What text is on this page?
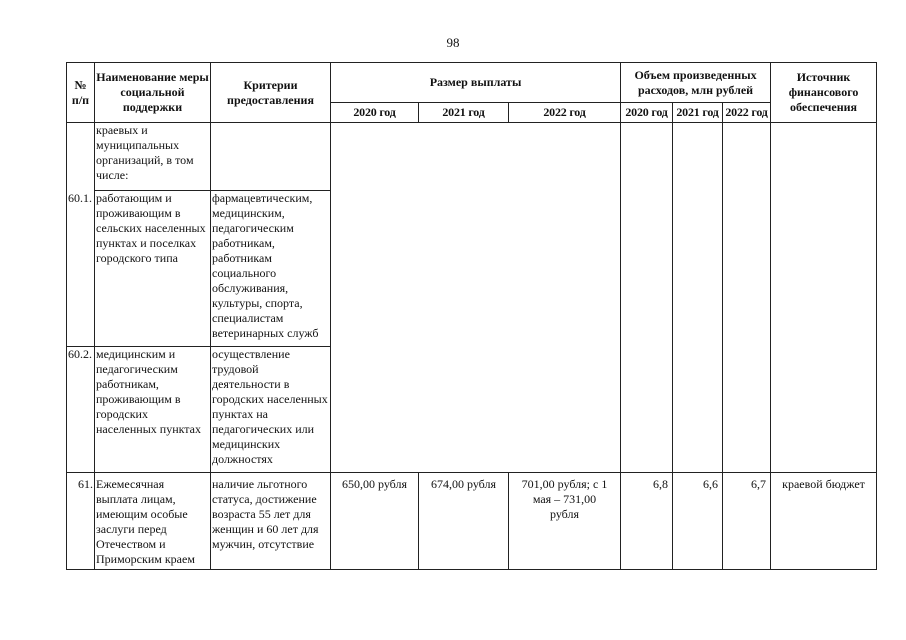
98
№ п/п	Наименование меры социальной поддержки	Критерии предоставления	Размер выплаты			Объем произведенных расходов, млн рублей			Источник финансового обеспечения
			2020 год	2021 год	2022 год	2020 год	2021 год	2022 год	
	краевых и муниципальных организаций, в том числе:								
60.1.	работающим и проживающим в сельских населенных пунктах и поселках городского типа	фармацевтическим, медицинским, педагогическим работникам, работникам социального обслуживания, культуры, спорта, специалистам ветеринарных служб							
60.2.	медицинским и педагогическим работникам, проживающим в городских населенных пунктах	осуществление трудовой деятельности в городских населенных пунктах на педагогических или медицинских должностях							
61.	Ежемесячная выплата лицам, имеющим особые заслуги перед Отечеством и Приморским краем	наличие льготного статуса, достижение возраста 55 лет для женщин и 60 лет для мужчин, отсутствие	650,00 рубля	674,00 рубля	701,00 рубля; с 1 мая – 731,00 рубля	6,8	6,6	6,7	краевой бюджет
